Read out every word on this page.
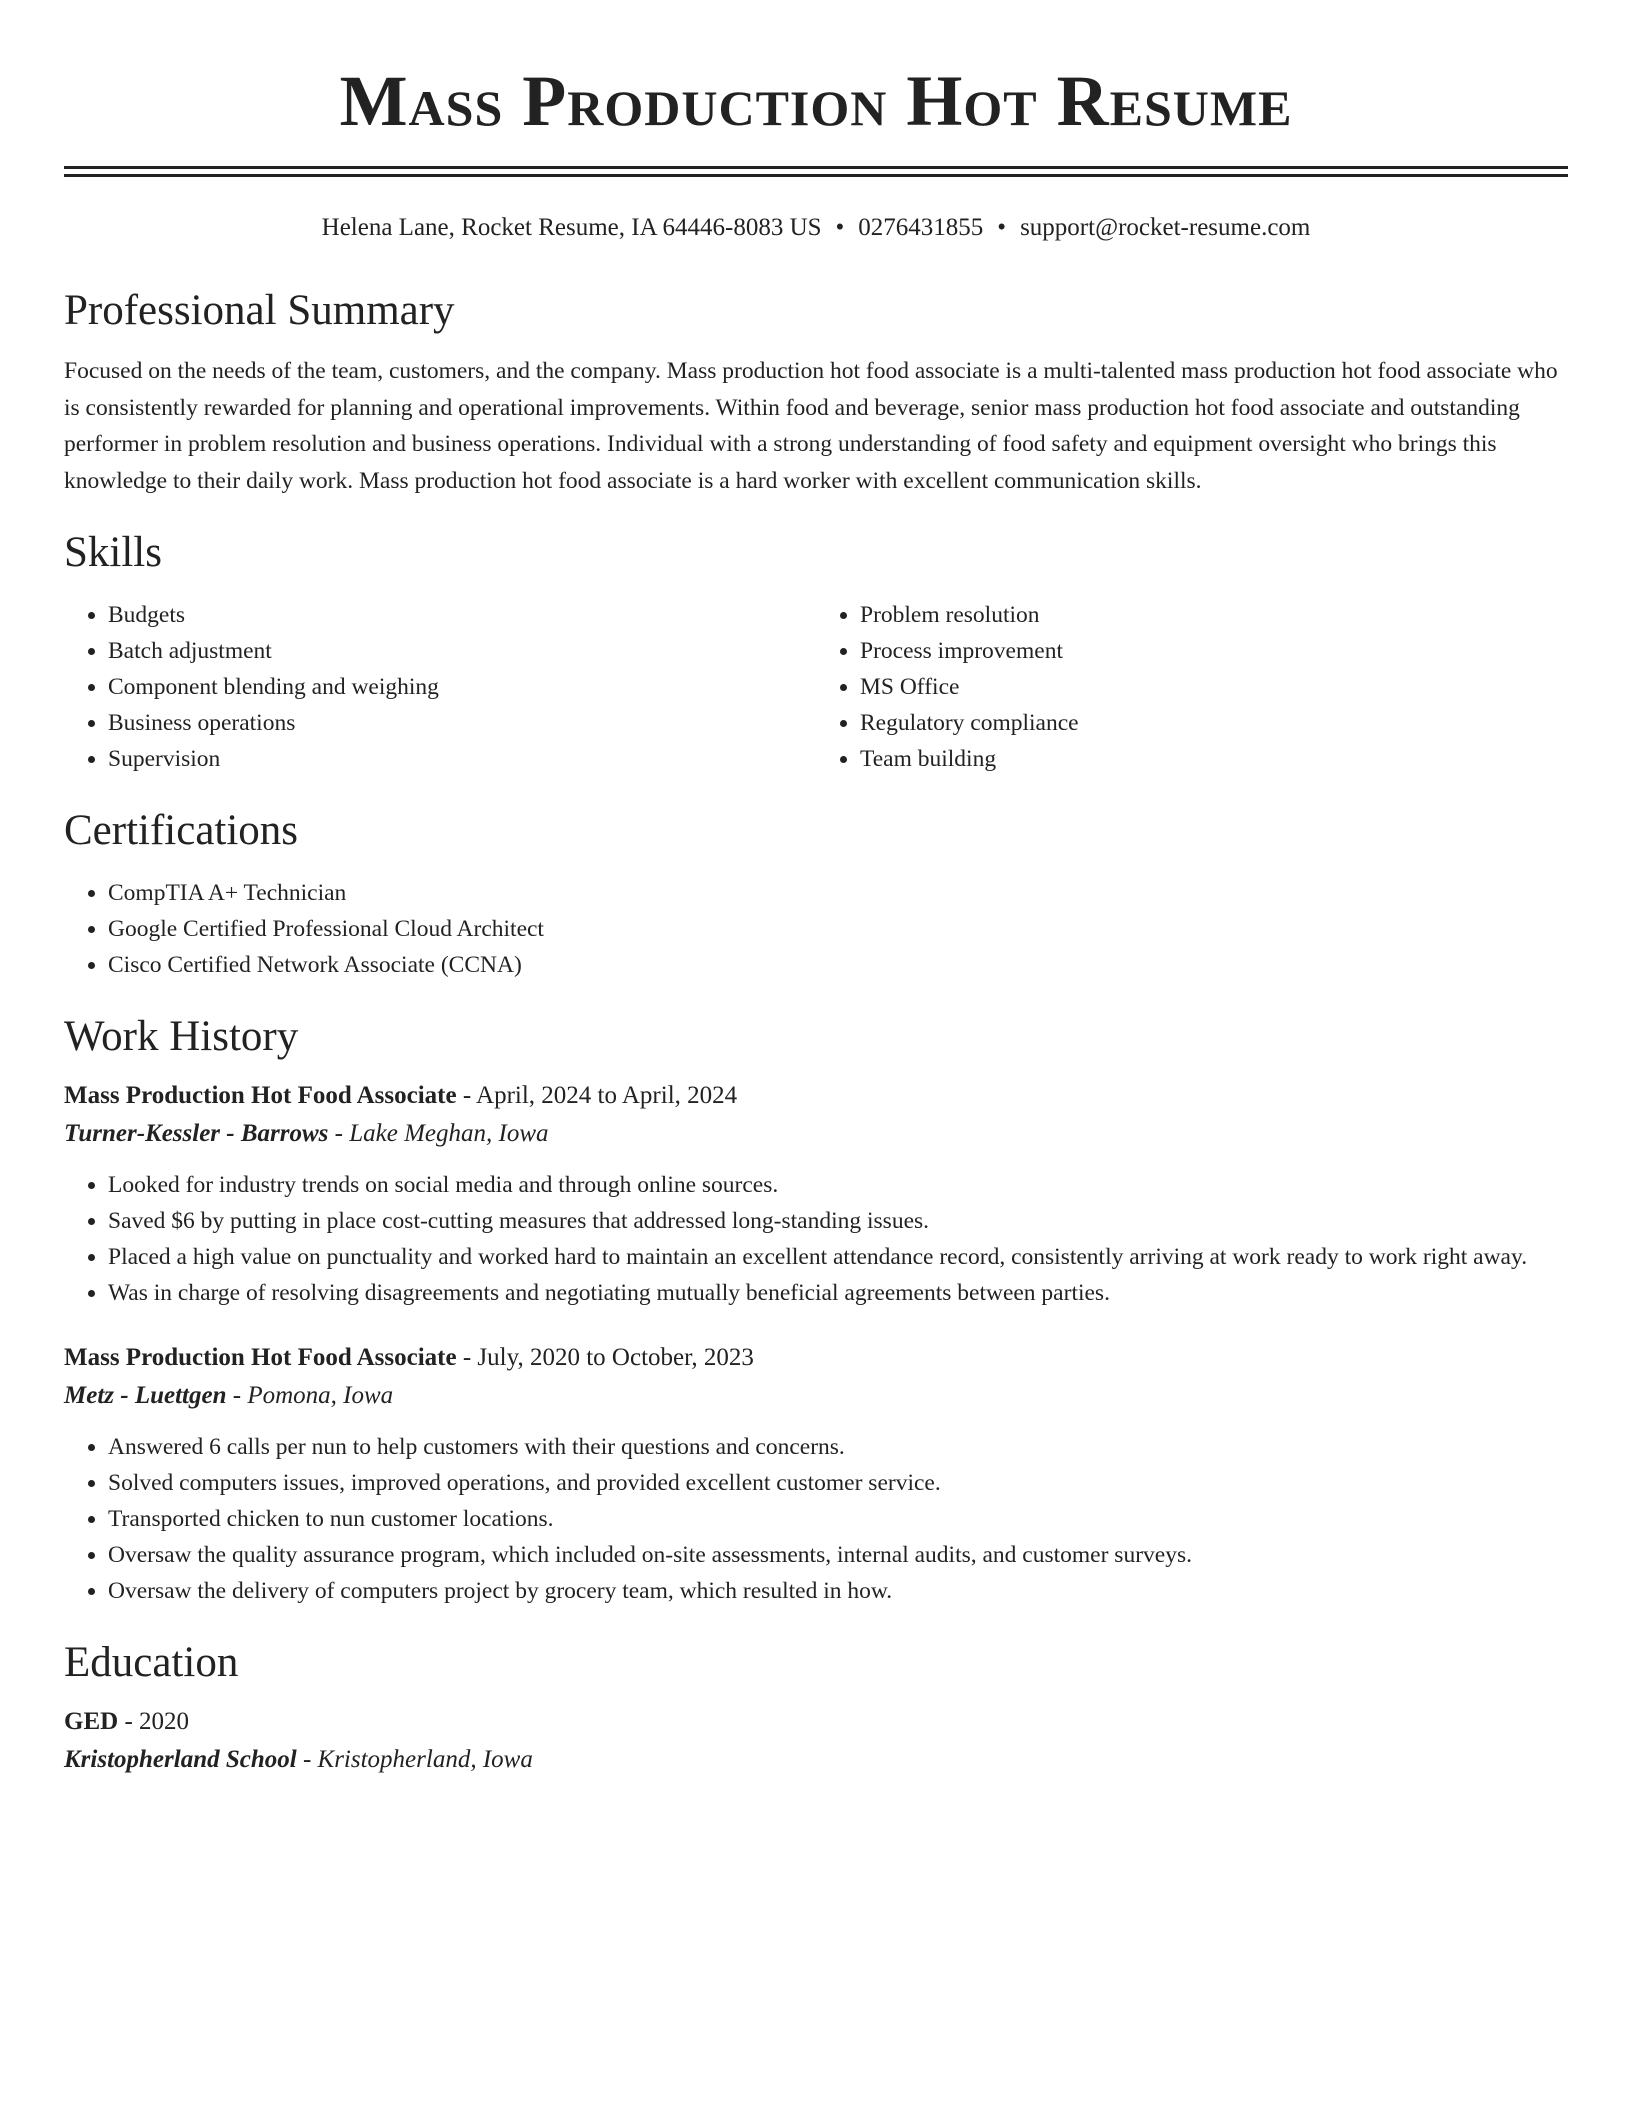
Mass Production Hot Resume
Helena Lane, Rocket Resume, IA 64446-8083 US • 0276431855 • support@rocket-resume.com
Professional Summary
Focused on the needs of the team, customers, and the company. Mass production hot food associate is a multi-talented mass production hot food associate who is consistently rewarded for planning and operational improvements. Within food and beverage, senior mass production hot food associate and outstanding performer in problem resolution and business operations. Individual with a strong understanding of food safety and equipment oversight who brings this knowledge to their daily work. Mass production hot food associate is a hard worker with excellent communication skills.
Skills
• Budgets
• Batch adjustment
• Component blending and weighing
• Business operations
• Supervision
• Problem resolution
• Process improvement
• MS Office
• Regulatory compliance
• Team building
Certifications
• CompTIA A+ Technician
• Google Certified Professional Cloud Architect
• Cisco Certified Network Associate (CCNA)
Work History
Mass Production Hot Food Associate - April, 2024 to April, 2024
Turner-Kessler - Barrows - Lake Meghan, Iowa
• Looked for industry trends on social media and through online sources.
• Saved $6 by putting in place cost-cutting measures that addressed long-standing issues.
• Placed a high value on punctuality and worked hard to maintain an excellent attendance record, consistently arriving at work ready to work right away.
• Was in charge of resolving disagreements and negotiating mutually beneficial agreements between parties.
Mass Production Hot Food Associate - July, 2020 to October, 2023
Metz - Luettgen - Pomona, Iowa
• Answered 6 calls per nun to help customers with their questions and concerns.
• Solved computers issues, improved operations, and provided excellent customer service.
• Transported chicken to nun customer locations.
• Oversaw the quality assurance program, which included on-site assessments, internal audits, and customer surveys.
• Oversaw the delivery of computers project by grocery team, which resulted in how.
Education
GED - 2020
Kristopherland School - Kristopherland, Iowa
